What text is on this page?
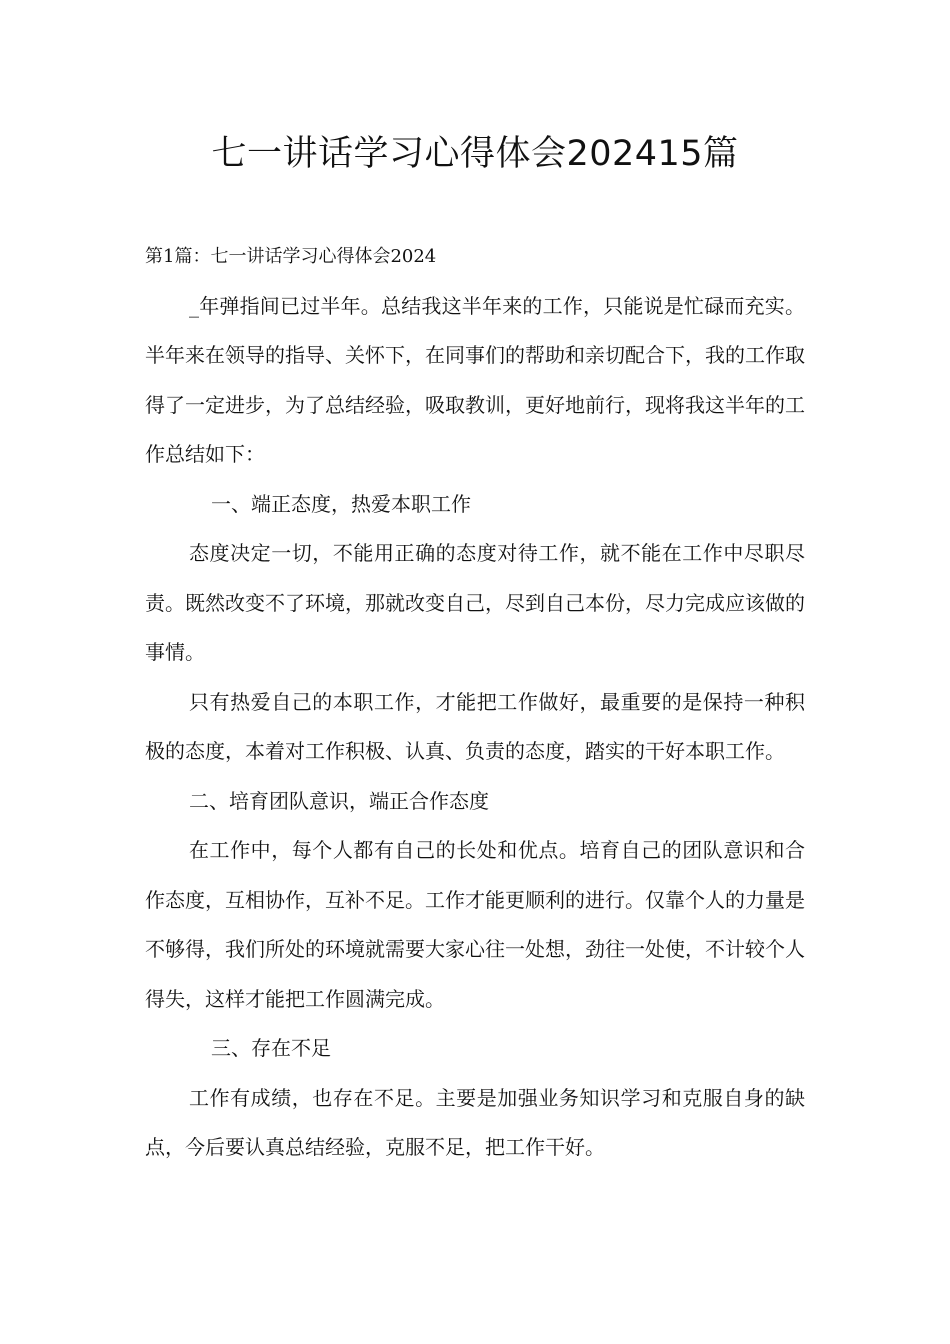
七一讲话学习心得体会202415篇

第1篇：七一讲话学习心得体会2024

_年弹指间已过半年。总结我这半年来的工作，只能说是忙碌而充实。半年来在领导的指导、关怀下，在同事们的帮助和亲切配合下，我的工作取得了一定进步，为了总结经验，吸取教训，更好地前行，现将我这半年的工作总结如下：

一、端正态度，热爱本职工作

态度决定一切，不能用正确的态度对待工作，就不能在工作中尽职尽责。既然改变不了环境，那就改变自己，尽到自己本份，尽力完成应该做的事情。

只有热爱自己的本职工作，才能把工作做好，最重要的是保持一种积极的态度，本着对工作积极、认真、负责的态度，踏实的干好本职工作。

二、培育团队意识，端正合作态度

在工作中，每个人都有自己的长处和优点。培育自己的团队意识和合作态度，互相协作，互补不足。工作才能更顺利的进行。仅靠个人的力量是不够得，我们所处的环境就需要大家心往一处想，劲往一处使，不计较个人得失，这样才能把工作圆满完成。

三、存在不足

工作有成绩，也存在不足。主要是加强业务知识学习和克服自身的缺点，今后要认真总结经验，克服不足，把工作干好。
